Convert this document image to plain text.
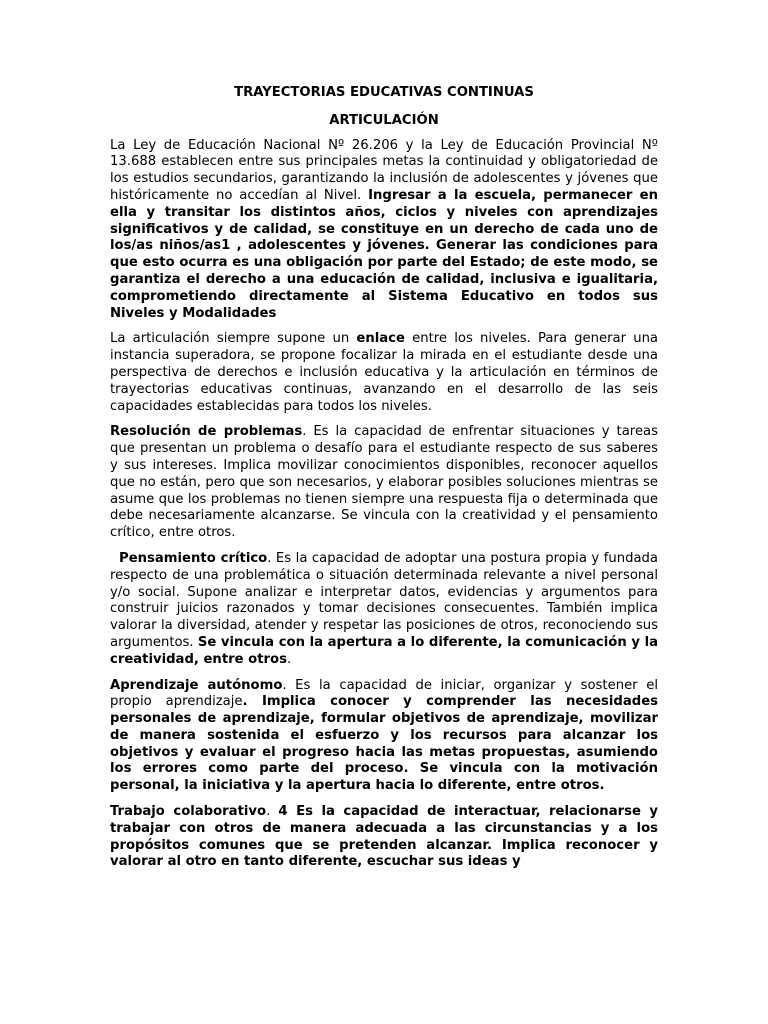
TRAYECTORIAS EDUCATIVAS CONTINUAS

ARTICULACIÓN

La Ley de Educación Nacional Nº 26.206 y la Ley de Educación Provincial Nº 13.688 establecen entre sus principales metas la continuidad y obligatoriedad de los estudios secundarios, garantizando la inclusión de adolescentes y jóvenes que históricamente no accedían al Nivel. Ingresar a la escuela, permanecer en ella y transitar los distintos años, ciclos y niveles con aprendizajes significativos y de calidad, se constituye en un derecho de cada uno de los/as niños/as1 , adolescentes y jóvenes. Generar las condiciones para que esto ocurra es una obligación por parte del Estado; de este modo, se garantiza el derecho a una educación de calidad, inclusiva e igualitaria, comprometiendo directamente al Sistema Educativo en todos sus Niveles y Modalidades

La articulación siempre supone un enlace entre los niveles. Para generar una instancia superadora, se propone focalizar la mirada en el estudiante desde una perspectiva de derechos e inclusión educativa y la articulación en términos de trayectorias educativas continuas, avanzando en el desarrollo de las seis capacidades establecidas para todos los niveles.

Resolución de problemas. Es la capacidad de enfrentar situaciones y tareas que presentan un problema o desafío para el estudiante respecto de sus saberes y sus intereses. Implica movilizar conocimientos disponibles, reconocer aquellos que no están, pero que son necesarios, y elaborar posibles soluciones mientras se asume que los problemas no tienen siempre una respuesta fija o determinada que debe necesariamente alcanzarse. Se vincula con la creatividad y el pensamiento crítico, entre otros.

Pensamiento crítico. Es la capacidad de adoptar una postura propia y fundada respecto de una problemática o situación determinada relevante a nivel personal y/o social. Supone analizar e interpretar datos, evidencias y argumentos para construir juicios razonados y tomar decisiones consecuentes. También implica valorar la diversidad, atender y respetar las posiciones de otros, reconociendo sus argumentos. Se vincula con la apertura a lo diferente, la comunicación y la creatividad, entre otros.

Aprendizaje autónomo. Es la capacidad de iniciar, organizar y sostener el propio aprendizaje. Implica conocer y comprender las necesidades personales de aprendizaje, formular objetivos de aprendizaje, movilizar de manera sostenida el esfuerzo y los recursos para alcanzar los objetivos y evaluar el progreso hacia las metas propuestas, asumiendo los errores como parte del proceso. Se vincula con la motivación personal, la iniciativa y la apertura hacia lo diferente, entre otros.

Trabajo colaborativo. 4 Es la capacidad de interactuar, relacionarse y trabajar con otros de manera adecuada a las circunstancias y a los propósitos comunes que se pretenden alcanzar. Implica reconocer y valorar al otro en tanto diferente, escuchar sus ideas y
